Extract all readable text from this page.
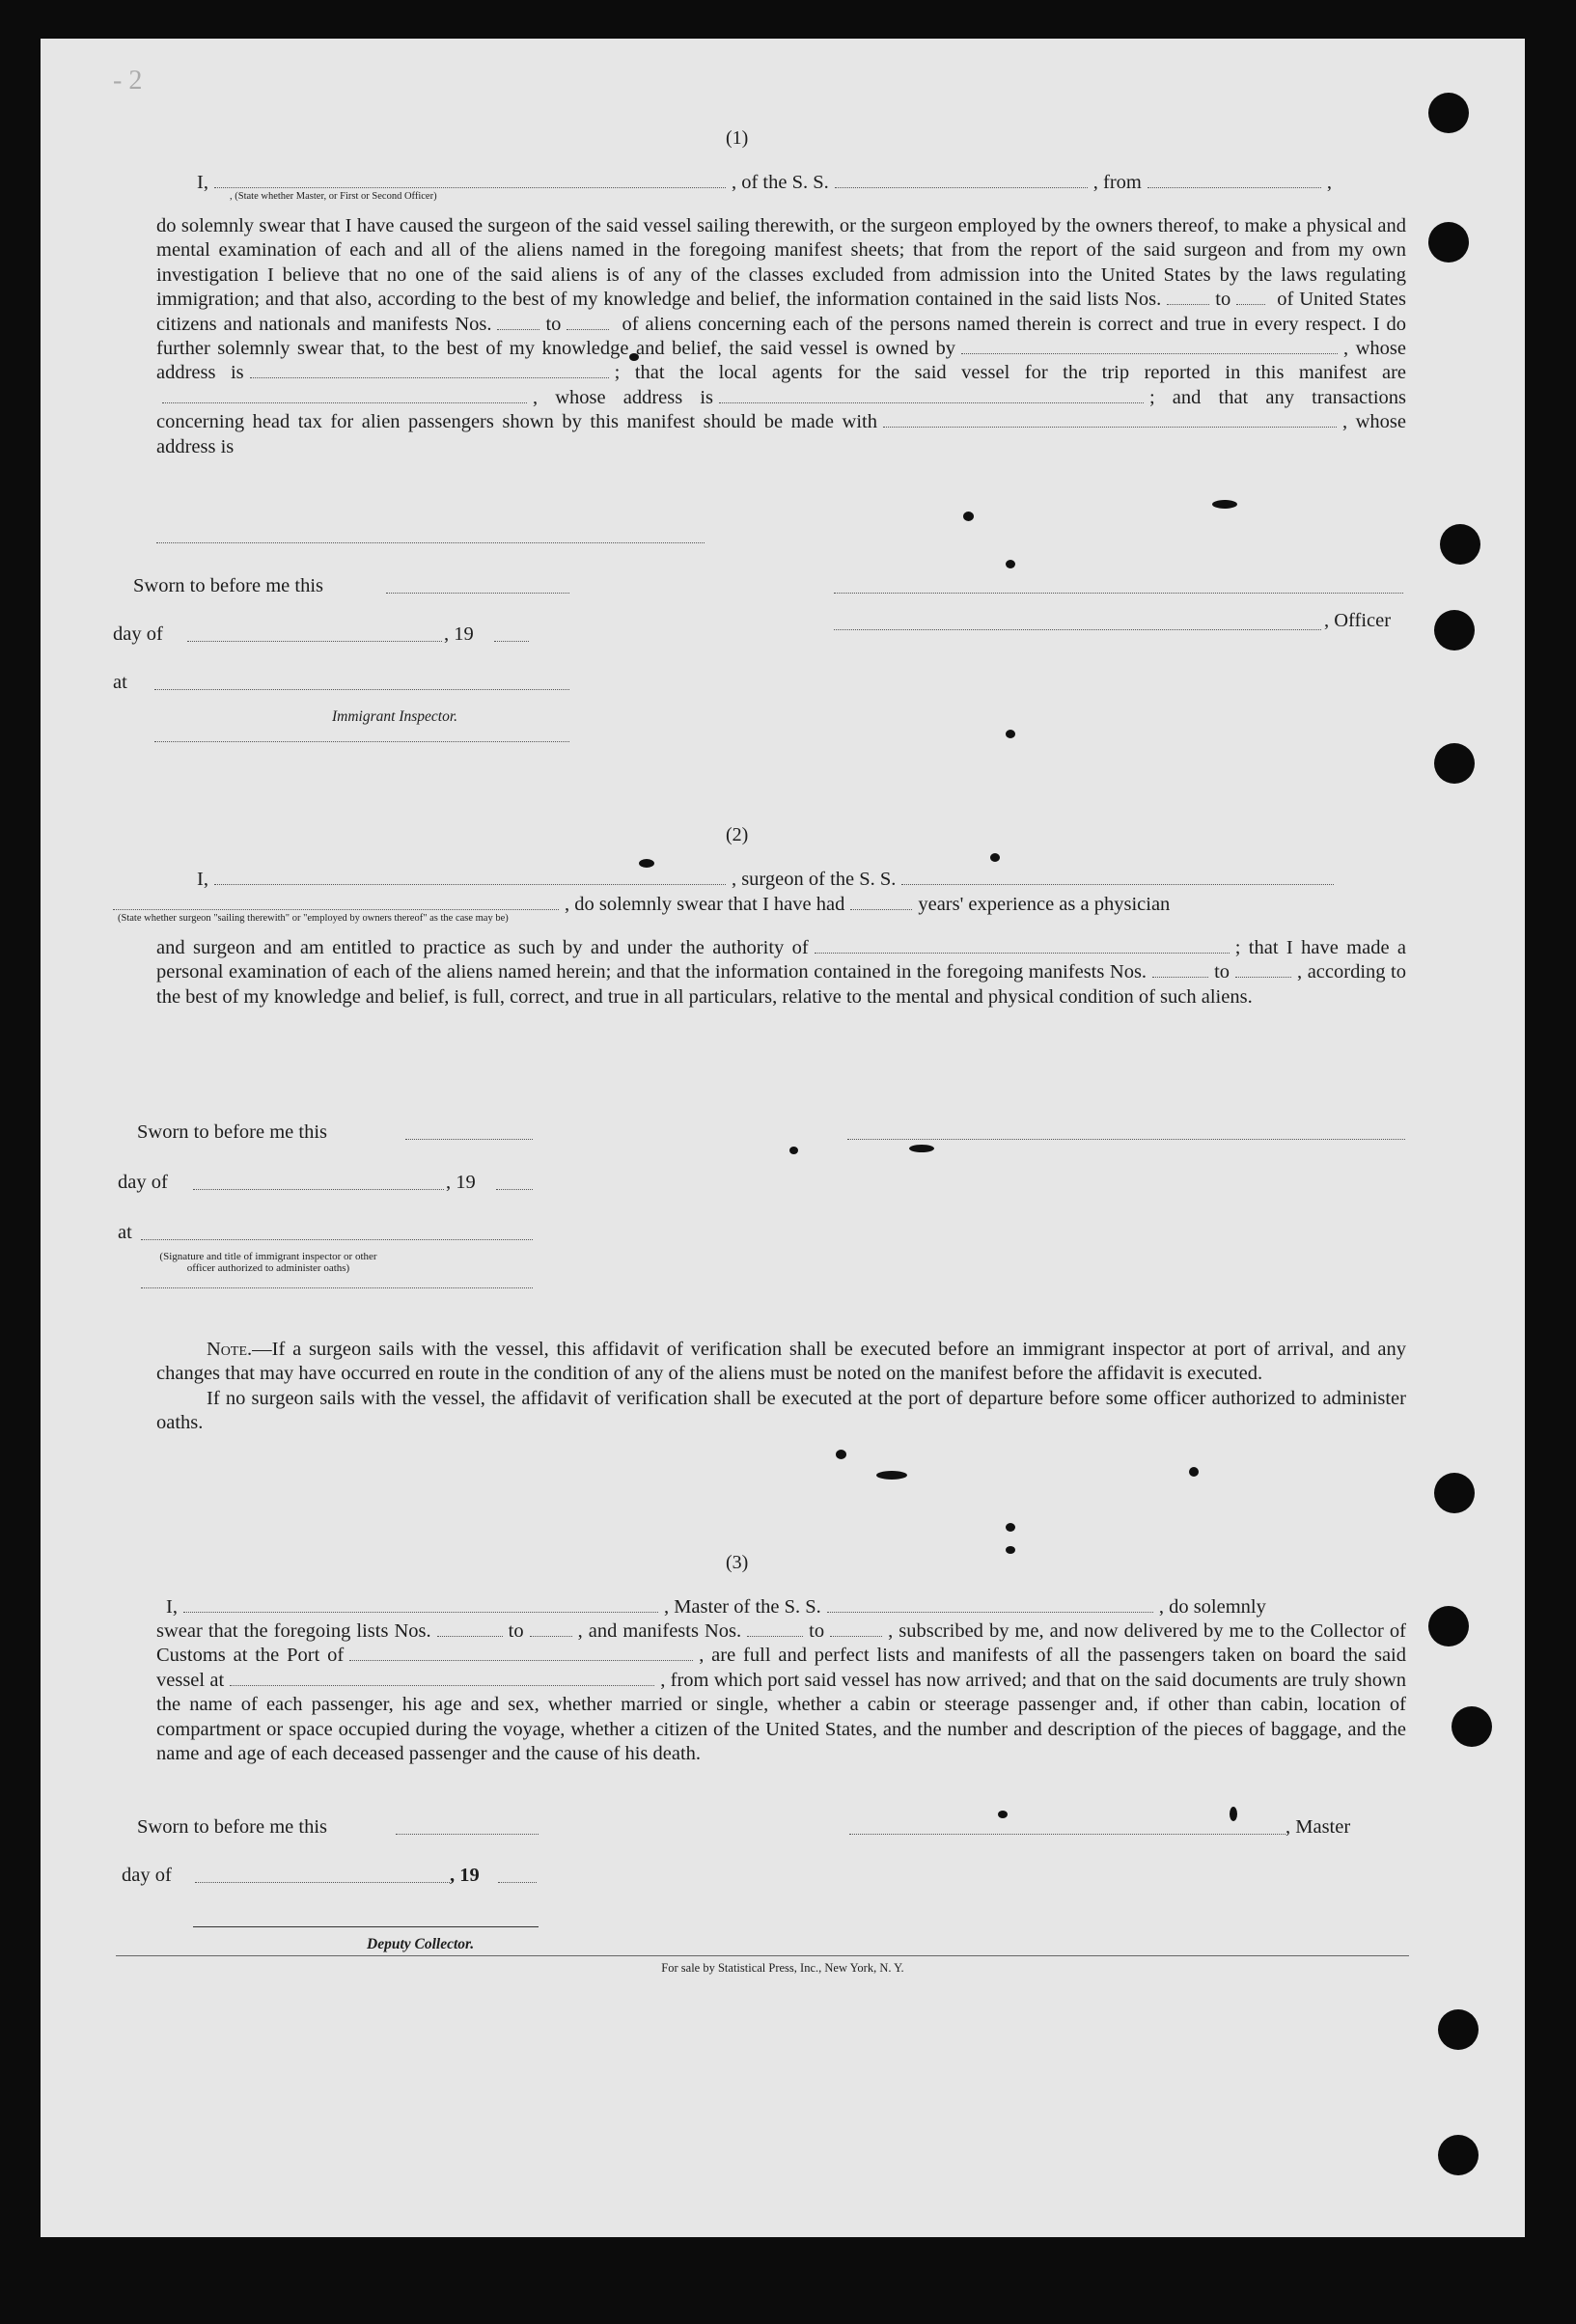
- 2
(1)
I,	, of the S. S.	, from	,
, (State whether Master, or First or Second Officer)

do solemnly swear that I have caused the surgeon of the said vessel sailing therewith, or the surgeon employed by the owners thereof, to make a physical and mental examination of each and all of the aliens named in the foregoing manifest sheets; that from the report of the said surgeon and from my own investigation I believe that no one of the said aliens is of any of the classes excluded from admission into the United States by the laws regulating immigration; and that also, according to the best of my knowledge and belief, the information contained in the said lists Nos.	to of United States citizens and nationals and manifests Nos.	to	of aliens concerning each of the persons named therein is correct and true in every respect. I do further solemnly swear that, to the best of my knowledge and belief, the said vessel is owned by	, whose address is	; that the local agents for the said vessel for the trip reported in this manifest are, whose address is	; and that any transactions concerning head tax for alien passengers shown by this manifest should be made with	, whose address is

Sworn to before me this
day of	, 19
, Officer
at
Immigrant Inspector.
(2)
I,	, surgeon of the S. S.
, do solemnly swear that I have had	years' experience as a physician
(State whether surgeon "sailing therewith" or "employed by owners thereof" as the case may be)

and surgeon and am entitled to practice as such by and under the authority of	; that I have made a personal examination of each of the aliens named herein; and that the information contained in the foregoing manifests Nos.	to	, according to the best of my knowledge and belief, is full, correct, and true in all particulars, relative to the mental and physical condition of such aliens.

Sworn to before me this
day of	, 19
at
(Signature and title of immigrant inspector or other officer authorized to administer oaths)

Note.—If a surgeon sails with the vessel, this affidavit of verification shall be executed before an immigrant inspector at port of arrival, and any changes that may have occurred en route in the condition of any of the aliens must be noted on the manifest before the affidavit is executed.

If no surgeon sails with the vessel, the affidavit of verification shall be executed at the port of departure before some officer authorized to administer oaths.

(3)
I,	, Master of the S. S.	, do solemnly

swear that the foregoing lists Nos.	to	, and manifests Nos.	to	, subscribed by me, and now delivered by me to the Collector of Customs at the Port of	, are full and perfect lists and manifests of all the passengers taken on board the said vessel at	, from which port said vessel has now arrived; and that on the said documents are truly shown the name of each passenger, his age and sex, whether married or single, whether a cabin or steerage passenger and, if other than cabin, location of compartment or space occupied during the voyage, whether a citizen of the United States, and the number and description of the pieces of baggage, and the name and age of each deceased passenger and the cause of his death.

Sworn to before me this	, Master
day of	, 19
Deputy Collector.
For sale by Statistical Press, Inc., New York, N. Y.
